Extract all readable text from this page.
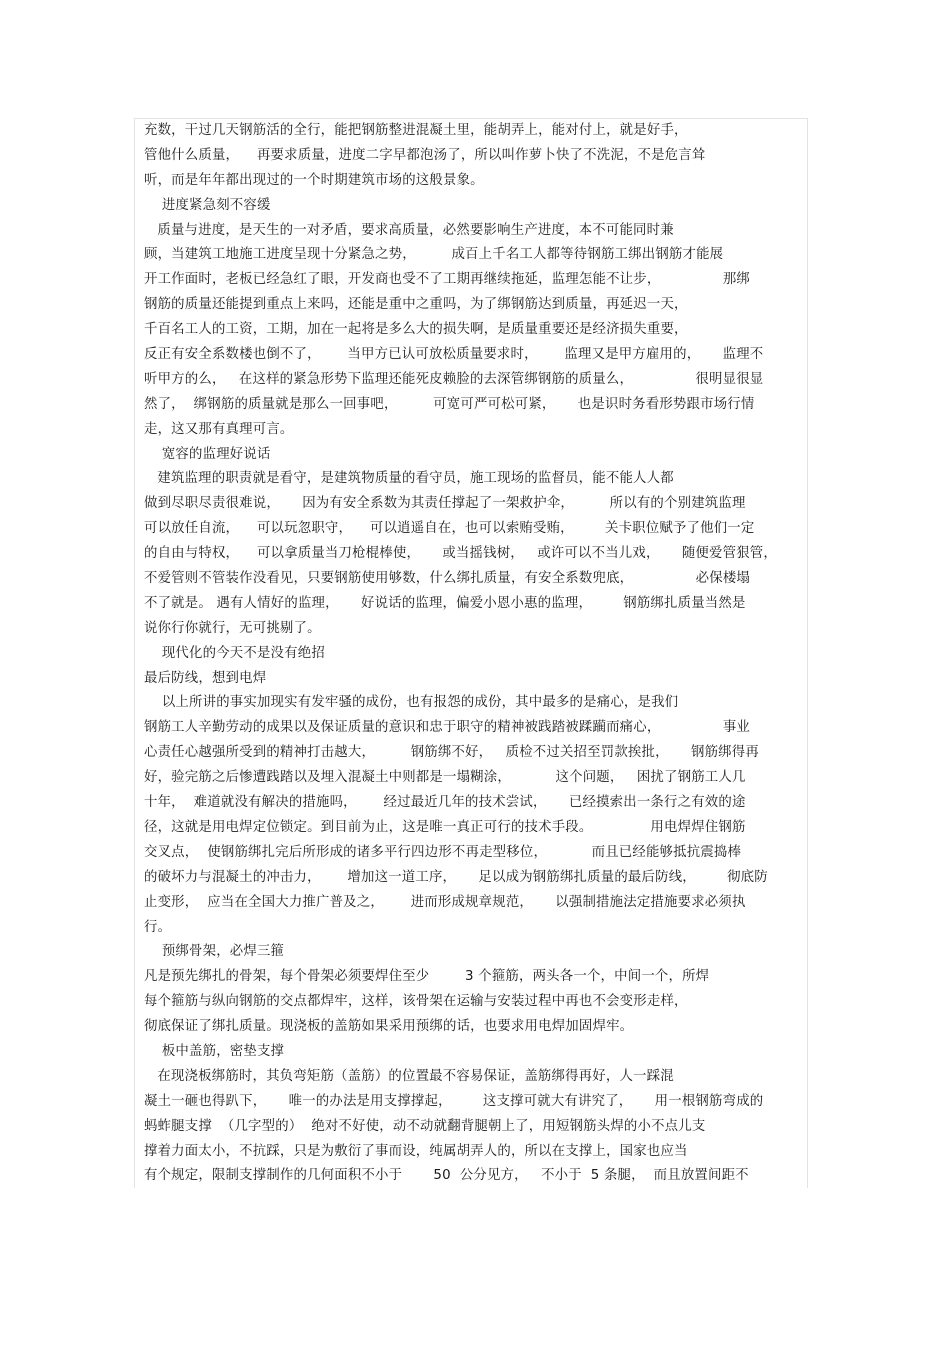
充数，干过几天钢筋活的全行，能把钢筋整进混凝土里，能胡弄上，能对付上，就是好手，
管他什么质量，    再要求质量，进度二字早都泡汤了，所以叫作萝卜快了不洗泥，不是危言耸
听，而是年年都出现过的一个时期建筑市场的这般景象。
进度紧急刻不容缓
质量与进度，是天生的一对矛盾，要求高质量，必然要影响生产进度，本不可能同时兼
顾，当建筑工地施工进度呈现十分紧急之势，        成百上千名工人都等待钢筋工绑出钢筋才能展
开工作面时，老板已经急红了眼，开发商也受不了工期再继续拖延，监理怎能不让步，              那绑
钢筋的质量还能提到重点上来吗，还能是重中之重吗，为了绑钢筋达到质量，再延迟一天，
千百名工人的工资，工期，加在一起将是多么大的损失啊，是质量重要还是经济损失重要，
反正有安全系数楼也倒不了，      当甲方已认可放松质量要求时，      监理又是甲方雇用的，     监理不
听甲方的么，   在这样的紧急形势下监理还能死皮赖脸的去深管绑钢筋的质量么，              很明显很显
然了，  绑钢筋的质量就是那么一回事吧，        可宽可严可松可紧，     也是识时务看形势跟市场行情
走，这又那有真理可言。
宽容的监理好说话
建筑监理的职责就是看守，是建筑物质量的看守员，施工现场的监督员，能不能人人都
做到尽职尽责很难说，     因为有安全系数为其责任撑起了一架救护伞，        所以有的个别建筑监理
可以放任自流，    可以玩忽职守，    可以逍遥自在，也可以索贿受贿，       关卡职位赋予了他们一定
的自由与特权，    可以拿质量当刀枪棍棒使，     或当摇钱树，   或许可以不当儿戏，     随便爱管狠管，
不爱管则不管装作没看见，只要钢筋使用够数，什么绑扎质量，有安全系数兜底，              必保楼塌
不了就是。 遇有人情好的监理，     好说话的监理，偏爱小恩小惠的监理，       钢筋绑扎质量当然是
说你行你就行，无可挑剔了。
现代化的今天不是没有绝招
最后防线，想到电焊
以上所讲的事实加现实有发牢骚的成份，也有报怨的成份，其中最多的是痛心，是我们
钢筋工人辛勤劳动的成果以及保证质量的意识和忠于职守的精神被践踏被蹂躏而痛心，              事业
心责任心越强所受到的精神打击越大，        钢筋绑不好，   质检不过关招至罚款挨批，     钢筋绑得再
好，验完筋之后惨遭践踏以及埋入混凝土中则都是一塌糊涂，          这个问题，   困扰了钢筋工人几
十年，  难道就没有解决的措施吗，      经过最近几年的技术尝试，     已经摸索出一条行之有效的途
径，这就是用电焊定位锁定。到目前为止，这是唯一真正可行的技术手段。             用电焊焊住钢筋
交叉点，  使钢筋绑扎完后所形成的诸多平行四边形不再走型移位，          而且已经能够抵抗震捣棒
的破坏力与混凝土的冲击力，      增加这一道工序，     足以成为钢筋绑扎质量的最后防线，       彻底防
止变形，  应当在全国大力推广普及之，      进而形成规章规范，     以强制措施法定措施要求必须执
行。
预绑骨架，必焊三箍
凡是预先绑扎的骨架，每个骨架必须要焊住至少        3 个箍筋，两头各一个，中间一个，所焊
每个箍筋与纵向钢筋的交点都焊牢，这样，该骨架在运输与安装过程中再也不会变形走样，
彻底保证了绑扎质量。现浇板的盖筋如果采用预绑的话，也要求用电焊加固焊牢。
板中盖筋，密垫支撑
在现浇板绑筋时，其负弯矩筋（盖筋）的位置最不容易保证，盖筋绑得再好，人一踩混
凝土一砸也得趴下，     唯一的办法是用支撑撑起，       这支撑可就大有讲究了，     用一根钢筋弯成的
蚂蚱腿支撑  （几字型的）  绝对不好使，动不动就翻背腿朝上了，用短钢筋头焊的小不点儿支
撑着力面太小，不抗踩，只是为敷衍了事而设，纯属胡弄人的，所以在支撑上，国家也应当
有个规定，限制支撑制作的几何面积不小于       50  公分见方，   不小于  5 条腿，  而且放置间距不
